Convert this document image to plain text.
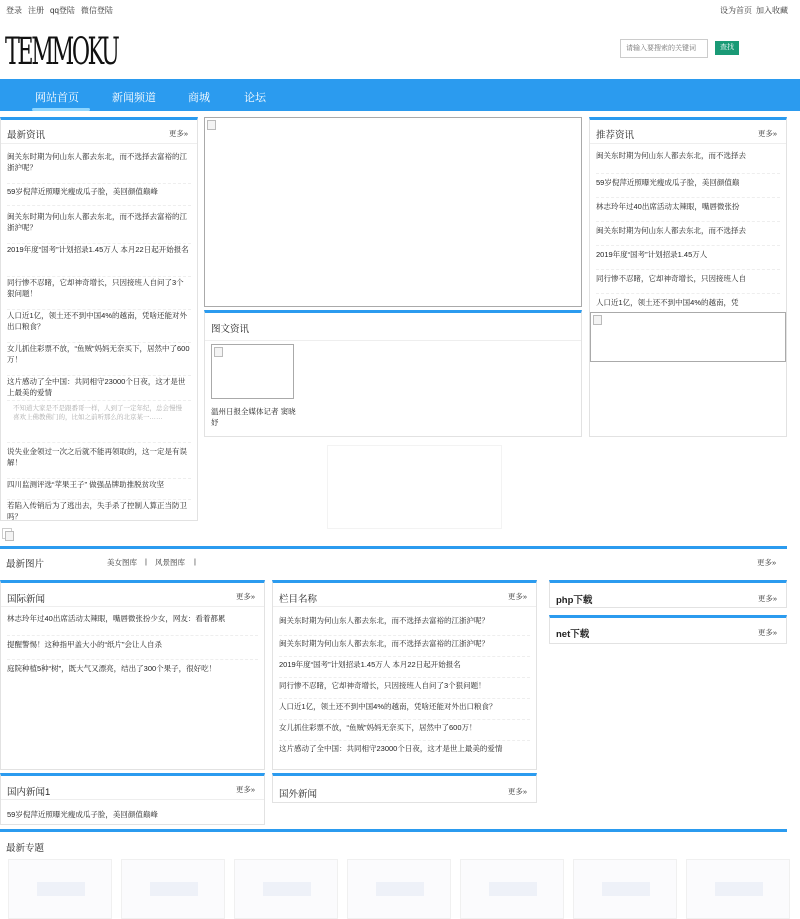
登录 注册 qq登陆 微信登陆	设为首页 加入收藏
TEMMOKU
请输入要搜索的关键词	查找
网站首页	新闻频道	商城	论坛
最新资讯	更多»
闽关东时期为何山东人都去东北，而不选择去富裕的江浙沪呢？
59岁倪萍近照曝光瘦成瓜子脸，美回颜值巅峰
闽关东时期为何山东人都去东北，而不选择去富裕的江浙沪呢？
2019年度“国考”计划招录1.45万人 本月22日起开始报名
同行惨不忍睹，它却神奇增长，只因接班人自问了3个狠问题！
人口近1亿，领土还不到中国4%的越南，凭啥还能对外出口粮食？
女儿抓住彩票不放，“鱼贼”妈妈无奈买下，居然中了600万！
这片感动了全中国：共同相守23000个日夜，这才是世上最美的爱情
不知道大家是不是跟番哥一样，人到了一定年纪，总会慢慢喜欢上佛教佛门的，比如之前听那么的北京某一……
说失业金领过一次之后就不能再领取的，这一定是有误解！
四川监测评选“苹果王子” 做强品牌助推脱贫攻坚
若陷入传销后为了逃出去，失手杀了控制人算正当防卫吗？
图文资讯
温州日报全媒体记者 窦晓妤
推荐资讯	更多»
闽关东时期为何山东人都去东北，而不选择去
59岁倪萍近照曝光瘦成瓜子脸，美回颜值巅
林志玲年过40出席活动太辣眼，嘴唇微张扮
闽关东时期为何山东人都去东北，而不选择去
2019年度“国考”计划招录1.45万人
同行惨不忍睹，它却神奇增长，只因接班人自
人口近1亿，领土还不到中国4%的越南，凭
最新图片	美女图库 | 风景图库 |	更多»
国际新闻	更多»
林志玲年过40出席活动太辣眼，嘴唇微张扮少女，网友：看着都累
提醒警惕！这种指甲盖大小的“纸片”会让人自杀
庭院种植5种“树”，既大气又漂亮，结出了300个果子，很好吃！
栏目名称	更多»
闽关东时期为何山东人都去东北，而不选择去富裕的江浙沪呢？
闽关东时期为何山东人都去东北，而不选择去富裕的江浙沪呢？
2019年度“国考”计划招录1.45万人 本月22日起开始报名
同行惨不忍睹，它却神奇增长，只因接班人自问了3个狠问题！
人口近1亿，领土还不到中国4%的越南，凭啥还能对外出口粮食？
女儿抓住彩票不放，“鱼贼”妈妈无奈买下，居然中了600万！
这片感动了全中国：共同相守23000个日夜，这才是世上最美的爱情
php下载	更多»
net下载	更多»
国内新闻1	更多»
59岁倪萍近照曝光瘦成瓜子脸，美回颜值巅峰
国外新闻	更多»
最新专题
